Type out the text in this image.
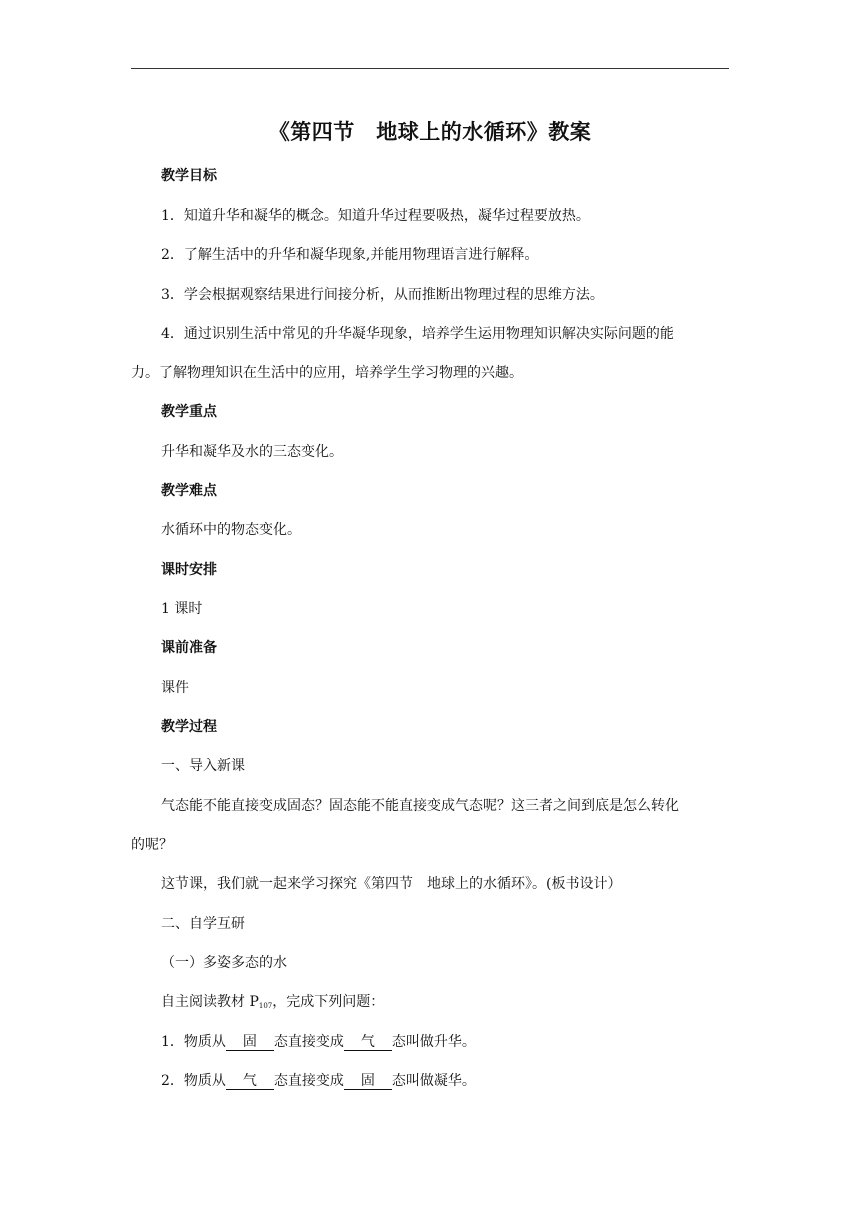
《第四节　地球上的水循环》教案
教学目标
1．知道升华和凝华的概念。知道升华过程要吸热，凝华过程要放热。
2．了解生活中的升华和凝华现象,并能用物理语言进行解释。
3．学会根据观察结果进行间接分析，从而推断出物理过程的思维方法。
4．通过识别生活中常见的升华凝华现象，培养学生运用物理知识解决实际问题的能
力。了解物理知识在生活中的应用，培养学生学习物理的兴趣。
教学重点
升华和凝华及水的三态变化。
教学难点
水循环中的物态变化。
课时安排
1 课时
课前准备
课件
教学过程
一、导入新课
气态能不能直接变成固态？固态能不能直接变成气态呢？这三者之间到底是怎么转化
的呢？
这节课，我们就一起来学习探究《第四节　地球上的水循环》。(板书设计）
二、自学互研
（一）多姿多态的水
自主阅读教材 $P_{107}$，完成下列问题：
1．物质从 固 态直接变成 气 态叫做升华。
2．物质从 气 态直接变成 固 态叫做凝华。
